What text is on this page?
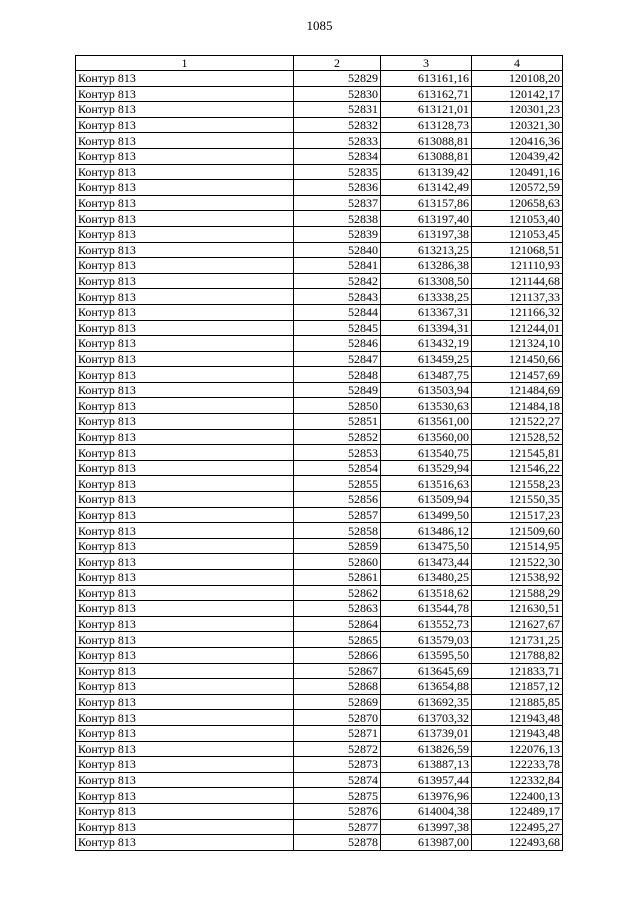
1085
1	2	3	4
Контур 813	52829	613161,16	120108,20
Контур 813	52830	613162,71	120142,17
Контур 813	52831	613121,01	120301,23
Контур 813	52832	613128,73	120321,30
Контур 813	52833	613088,81	120416,36
Контур 813	52834	613088,81	120439,42
Контур 813	52835	613139,42	120491,16
Контур 813	52836	613142,49	120572,59
Контур 813	52837	613157,86	120658,63
Контур 813	52838	613197,40	121053,40
Контур 813	52839	613197,38	121053,45
Контур 813	52840	613213,25	121068,51
Контур 813	52841	613286,38	121110,93
Контур 813	52842	613308,50	121144,68
Контур 813	52843	613338,25	121137,33
Контур 813	52844	613367,31	121166,32
Контур 813	52845	613394,31	121244,01
Контур 813	52846	613432,19	121324,10
Контур 813	52847	613459,25	121450,66
Контур 813	52848	613487,75	121457,69
Контур 813	52849	613503,94	121484,69
Контур 813	52850	613530,63	121484,18
Контур 813	52851	613561,00	121522,27
Контур 813	52852	613560,00	121528,52
Контур 813	52853	613540,75	121545,81
Контур 813	52854	613529,94	121546,22
Контур 813	52855	613516,63	121558,23
Контур 813	52856	613509,94	121550,35
Контур 813	52857	613499,50	121517,23
Контур 813	52858	613486,12	121509,60
Контур 813	52859	613475,50	121514,95
Контур 813	52860	613473,44	121522,30
Контур 813	52861	613480,25	121538,92
Контур 813	52862	613518,62	121588,29
Контур 813	52863	613544,78	121630,51
Контур 813	52864	613552,73	121627,67
Контур 813	52865	613579,03	121731,25
Контур 813	52866	613595,50	121788,82
Контур 813	52867	613645,69	121833,71
Контур 813	52868	613654,88	121857,12
Контур 813	52869	613692,35	121885,85
Контур 813	52870	613703,32	121943,48
Контур 813	52871	613739,01	121943,48
Контур 813	52872	613826,59	122076,13
Контур 813	52873	613887,13	122233,78
Контур 813	52874	613957,44	122332,84
Контур 813	52875	613976,96	122400,13
Контур 813	52876	614004,38	122489,17
Контур 813	52877	613997,38	122495,27
Контур 813	52878	613987,00	122493,68
